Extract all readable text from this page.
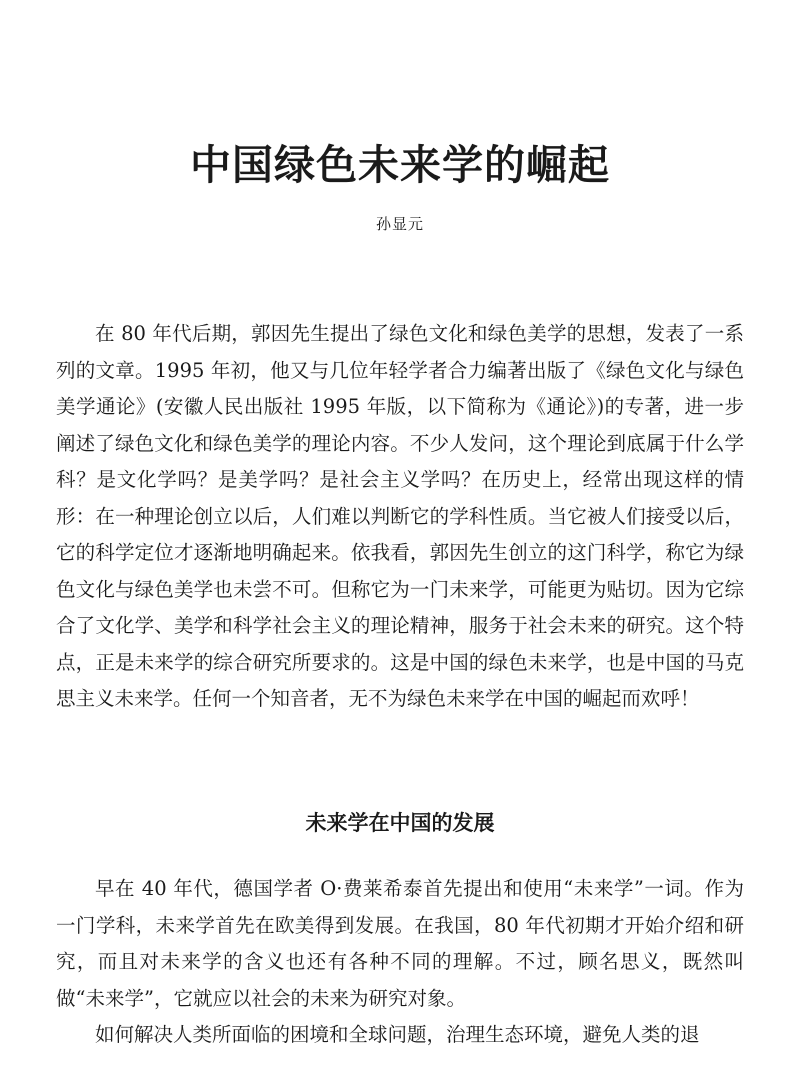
中国绿色未来学的崛起
孙显元

在 80 年代后期，郭因先生提出了绿色文化和绿色美学的思想，发表了一系列的文章。1995 年初，他又与几位年轻学者合力编著出版了《绿色文化与绿色美学通论》(安徽人民出版社 1995 年版，以下简称为《通论》)的专著，进一步阐述了绿色文化和绿色美学的理论内容。不少人发问，这个理论到底属于什么学科？是文化学吗？是美学吗？是社会主义学吗？在历史上，经常出现这样的情形：在一种理论创立以后，人们难以判断它的学科性质。当它被人们接受以后，它的科学定位才逐渐地明确起来。依我看，郭因先生创立的这门科学，称它为绿色文化与绿色美学也未尝不可。但称它为一门未来学，可能更为贴切。因为它综合了文化学、美学和科学社会主义的理论精神，服务于社会未来的研究。这个特点，正是未来学的综合研究所要求的。这是中国的绿色未来学，也是中国的马克思主义未来学。任何一个知音者，无不为绿色未来学在中国的崛起而欢呼！

未来学在中国的发展

早在 40 年代，德国学者 O·费莱希泰首先提出和使用“未来学”一词。作为一门学科，未来学首先在欧美得到发展。在我国，80 年代初期才开始介绍和研究，而且对未来学的含义也还有各种不同的理解。不过，顾名思义，既然叫做“未来学”，它就应以社会的未来为研究对象。

如何解决人类所面临的困境和全球问题，治理生态环境，避免人类的退
